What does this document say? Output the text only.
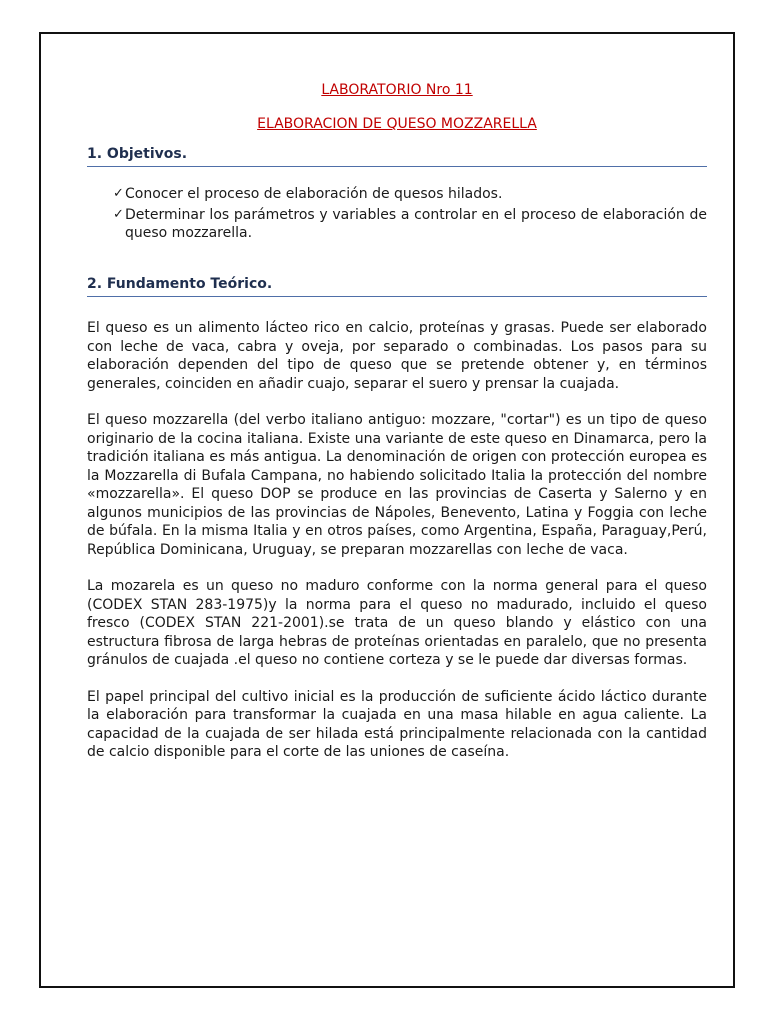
LABORATORIO Nro 11
ELABORACION DE QUESO MOZZARELLA
1. Objetivos.
✓ Conocer el proceso de elaboración de quesos hilados.
✓ Determinar los parámetros y variables a controlar en el proceso de elaboración de queso mozzarella.
2. Fundamento Teórico.

El queso es un alimento lácteo rico en calcio, proteínas y grasas. Puede ser elaborado con leche de vaca, cabra y oveja, por separado o combinadas. Los pasos para su elaboración dependen del tipo de queso que se pretende obtener y, en términos generales, coinciden en añadir cuajo, separar el suero y prensar la cuajada.

El queso mozzarella (del verbo italiano antiguo: mozzare, "cortar") es un tipo de queso originario de la cocina italiana. Existe una variante de este queso en Dinamarca, pero la tradición italiana es más antigua. La denominación de origen con protección europea es la Mozzarella di Bufala Campana, no habiendo solicitado Italia la protección del nombre «mozzarella». El queso DOP se produce en las provincias de Caserta y Salerno y en algunos municipios de las provincias de Nápoles, Benevento, Latina y Foggia con leche de búfala. En la misma Italia y en otros países, como Argentina, España, Paraguay,Perú, República Dominicana, Uruguay, se preparan mozzarellas con leche de vaca.

La mozarela es un queso no maduro conforme con la norma general para el queso (CODEX STAN 283-1975)y la norma para el queso no madurado, incluido el queso fresco (CODEX STAN 221-2001).se trata de un queso blando y elástico con una estructura fibrosa de larga hebras de proteínas orientadas en paralelo, que no presenta gránulos de cuajada .el queso no contiene corteza y se le puede dar diversas formas.

El papel principal del cultivo inicial es la producción de suficiente ácido láctico durante la elaboración para transformar la cuajada en una masa hilable en agua caliente. La capacidad de la cuajada de ser hilada está principalmente relacionada con la cantidad de calcio disponible para el corte de las uniones de caseína.
